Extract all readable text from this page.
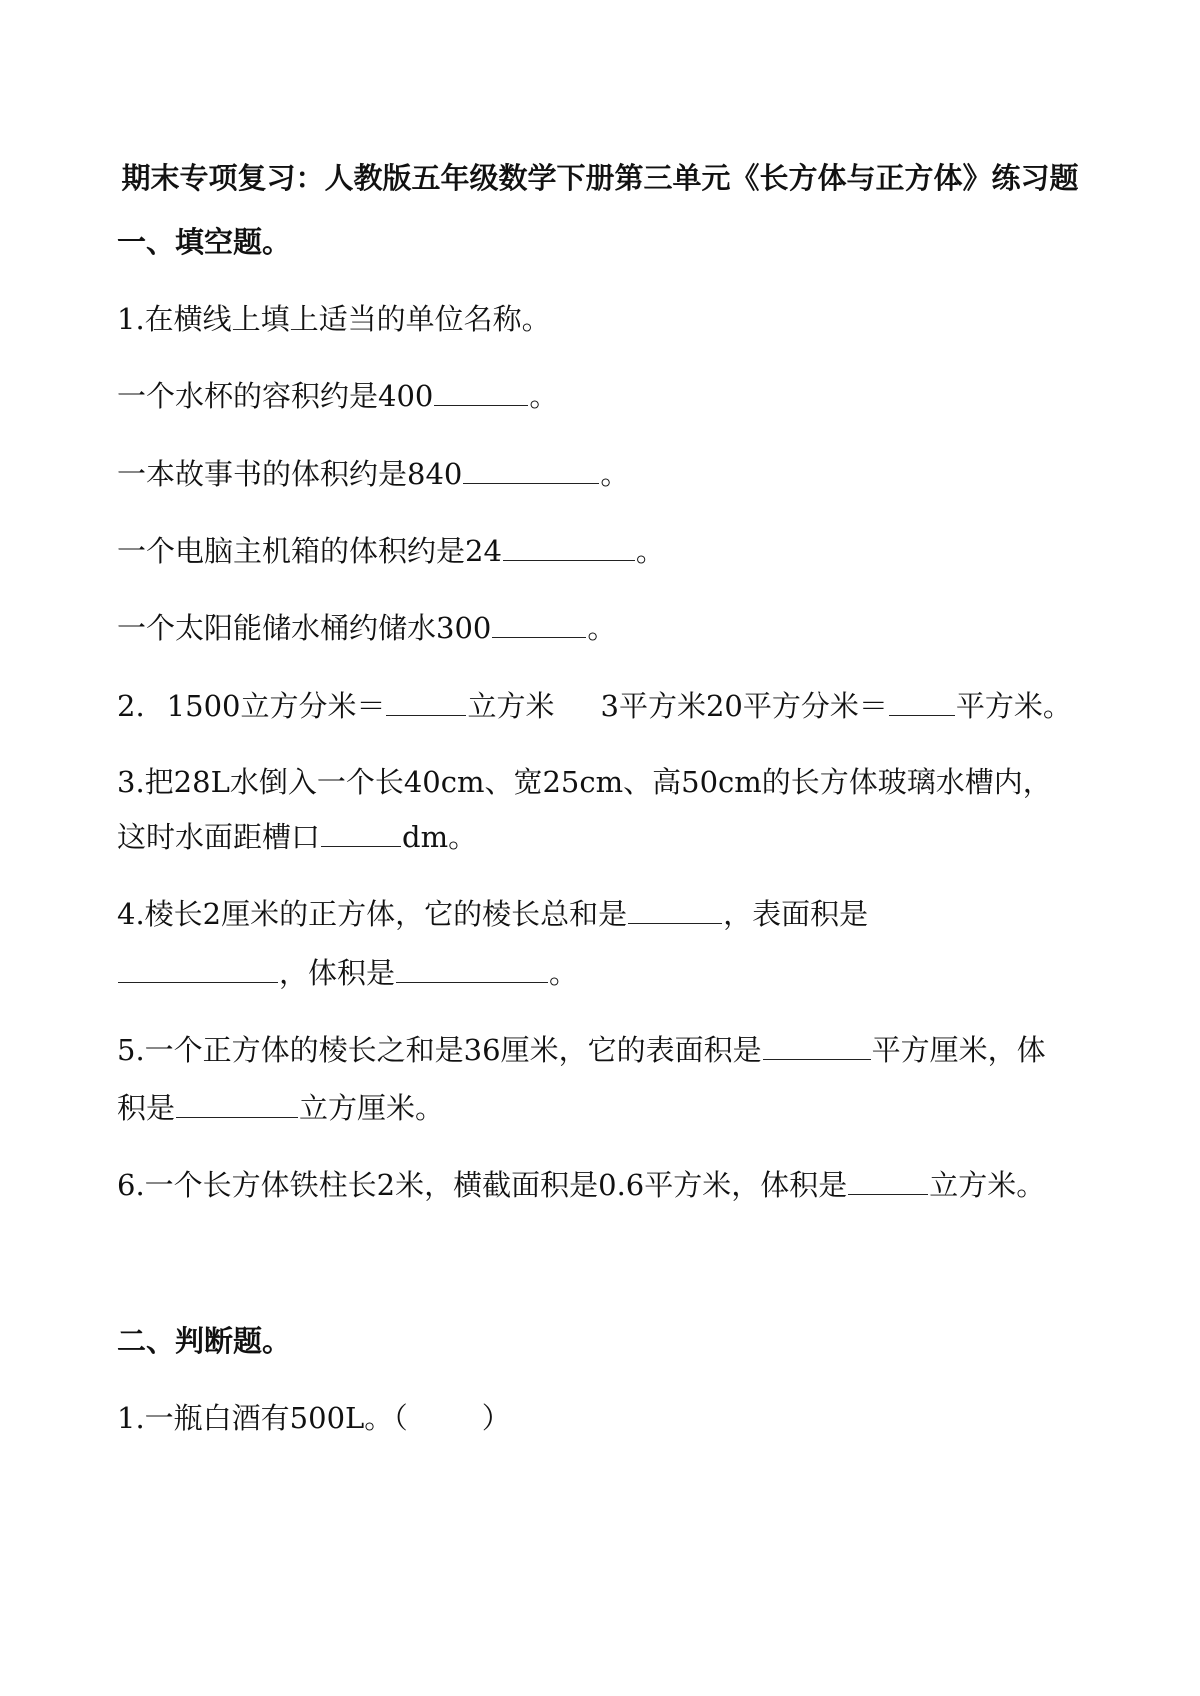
期末专项复习：人教版五年级数学下册第三单元《长方体与正方体》练习题
一、填空题。
1.在横线上填上适当的单位名称。
一个水杯的容积约是400	。
一本故事书的体积约是840	。
一个电脑主机箱的体积约是24	。
一个太阳能储水桶约储水300	。
2. 1500立方分米＝	立方米 3平方米20平方分米＝ 平方米。
3.把28L水倒入一个长40cm、宽25cm、高50cm的长方体玻璃水槽内，
这时水面距槽口	dm。
4.棱长2厘米的正方体，它的棱长总和是	，表面积是
，体积是	。
5.一个正方体的棱长之和是36厘米，它的表面积是	平方厘米，体
积是	立方厘米。
6.一个长方体铁柱长2米，横截面积是0.6平方米，体积是	立方米。
二、判断题。
1.一瓶白酒有500L。（	）
